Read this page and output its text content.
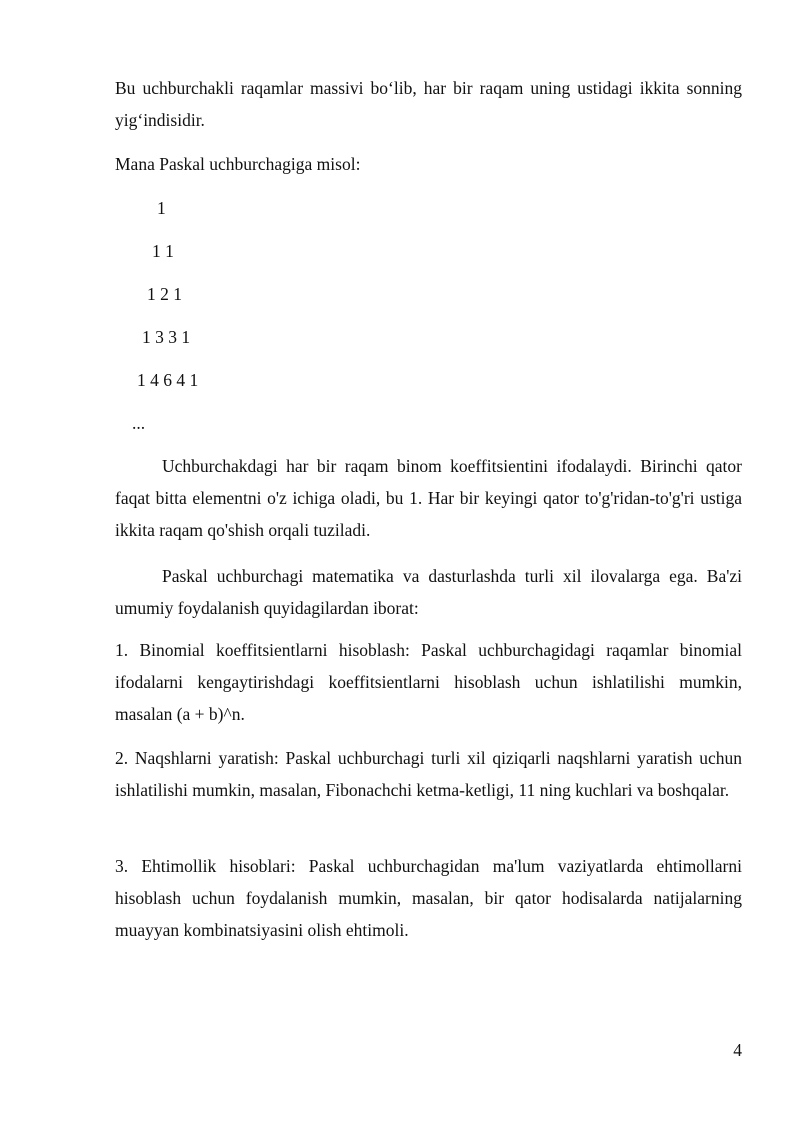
Bu uchburchakli raqamlar massivi bo‘lib, har bir raqam uning ustidagi ikkita sonning yig‘indisidir.

Mana Paskal uchburchagiga misol:

1

1 1

1 2 1

1 3 3 1

1 4 6 4 1

...

Uchburchakdagi har bir raqam binom koeffitsientini ifodalaydi. Birinchi qator faqat bitta elementni o'z ichiga oladi, bu 1. Har bir keyingi qator to'g'ridan-to'g'ri ustiga ikkita raqam qo'shish orqali tuziladi.

Paskal uchburchagi matematika va dasturlashda turli xil ilovalarga ega. Ba'zi umumiy foydalanish quyidagilardan iborat:

1. Binomial koeffitsientlarni hisoblash: Paskal uchburchagidagi raqamlar binomial ifodalarni kengaytirishdagi koeffitsientlarni hisoblash uchun ishlatilishi mumkin, masalan (a + b)^n.

2. Naqshlarni yaratish: Paskal uchburchagi turli xil qiziqarli naqshlarni yaratish uchun ishlatilishi mumkin, masalan, Fibonachchi ketma-ketligi, 11 ning kuchlari va boshqalar.

3. Ehtimollik hisoblari: Paskal uchburchagidan ma'lum vaziyatlarda ehtimollarni hisoblash uchun foydalanish mumkin, masalan, bir qator hodisalarda natijalarning muayyan kombinatsiyasini olish ehtimoli.

4
